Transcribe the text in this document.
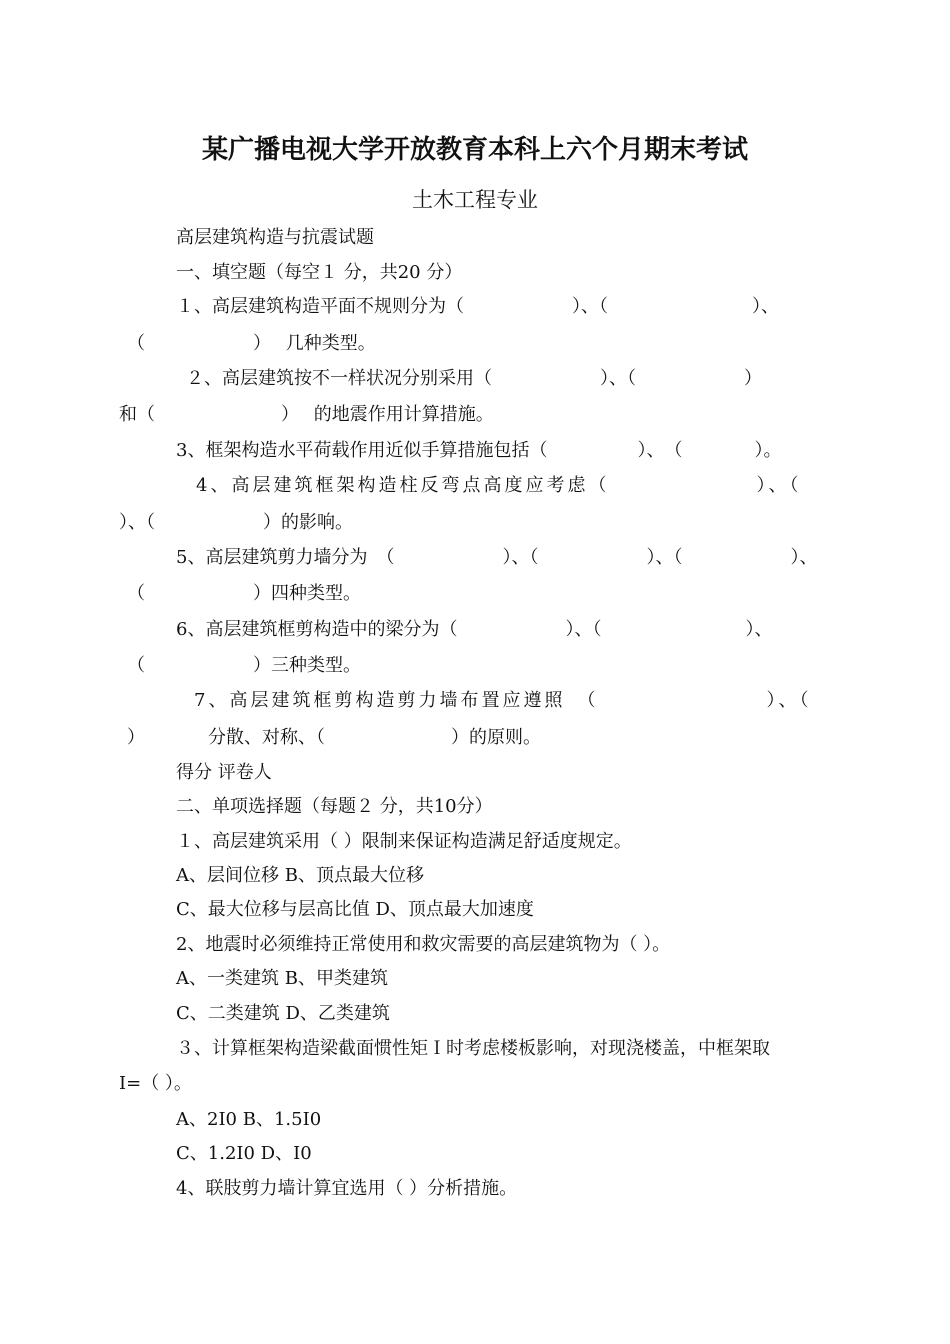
某广播电视大学开放教育本科上六个月期末考试
土木工程专业
高层建筑构造与抗震试题
一、填空题（每空１ 分，共20 分）
１、高层建筑构造平面不规则分为（　　　　　　）、（　　　　　　　　）、
（　　　　　　）　 几种类型。
２、高层建筑按不一样状况分别采用（　　　　　　）、（　　　　　　）
和（　　　　　　　）　 的地震作用计算措施。
3、框架构造水平荷载作用近似手算措施包括（　　　　　）、　（　　　　）。
4、高层建筑框架构造柱反弯点高度应考虑（　　　　　　　）、（
）、（　　　　　　）的影响。
5、高层建筑剪力墙分为　（　　　　　　）、（　　　　　　）、（　　　　　　）、
（　　　　　　）四种类型。
6、高层建筑框剪构造中的梁分为（　　　　　　）、（　　　　　　　　）、
（　　　　　　）三种类型。
7、高层建筑框剪构造剪力墙布置应遵照　（　　　　　　　　）、（
）　　　　分散、对称、（　　　　　　　）的原则。
得分 评卷人
二、单项选择题（每题２ 分，共10分）
１、高层建筑采用（ ）限制来保证构造满足舒适度规定。
A、层间位移 B、顶点最大位移
C、最大位移与层高比值 D、顶点最大加速度
2、地震时必须维持正常使用和救灾需要的高层建筑物为（ ）。
A、一类建筑 B、甲类建筑
C、二类建筑 D、乙类建筑
３、计算框架构造梁截面惯性矩Ｉ时考虑楼板影响，对现浇楼盖，中框架取
I=（ ）。
A、2I0 B、1.5I0
C、1.2I0 D、I0
4、联肢剪力墙计算宜选用（ ）分析措施。
